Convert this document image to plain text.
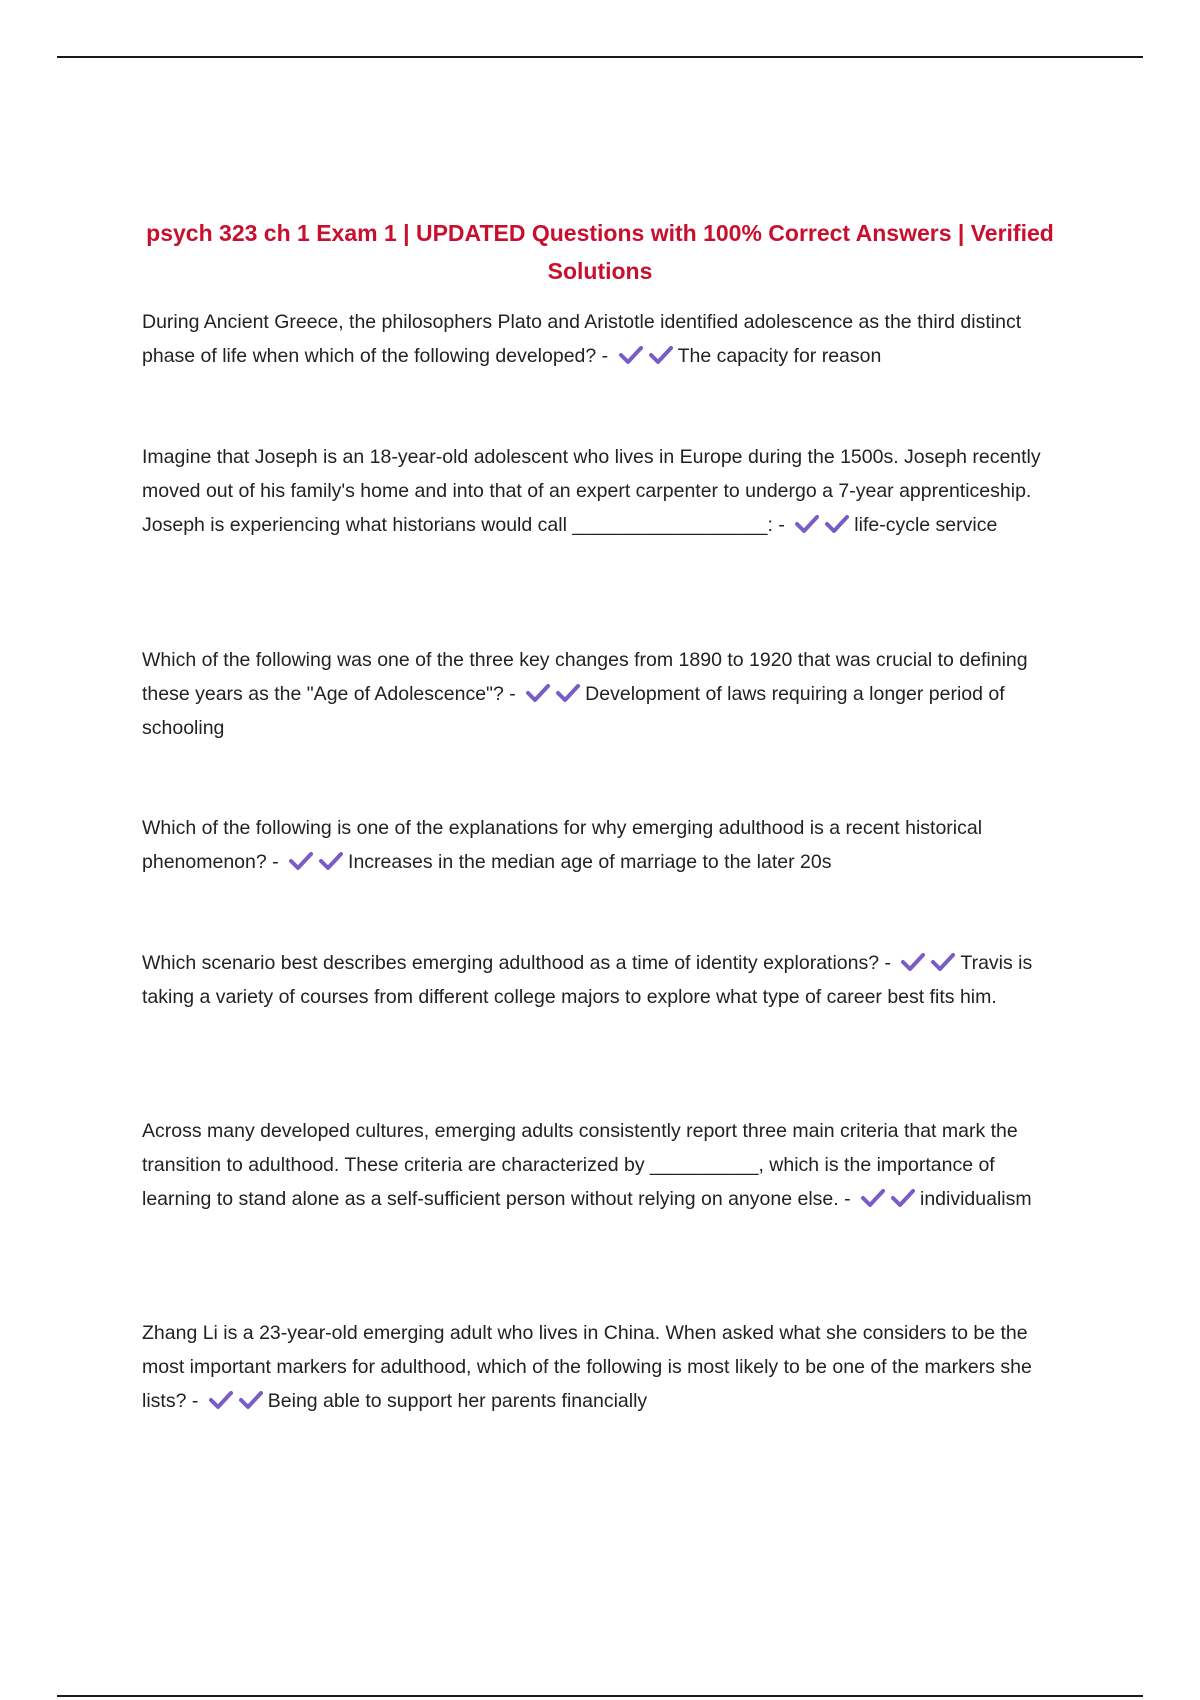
psych 323 ch 1 Exam 1 | UPDATED Questions with 100% Correct Answers | Verified Solutions

During Ancient Greece, the philosophers Plato and Aristotle identified adolescence as the third distinct phase of life when which of the following developed? -	The capacity for reason

Imagine that Joseph is an 18-year-old adolescent who lives in Europe during the 1500s. Joseph recently moved out of his family's home and into that of an expert carpenter to undergo a 7-year apprenticeship. Joseph is experiencing what historians would call __________________: -	life-cycle service

Which of the following was one of the three key changes from 1890 to 1920 that was crucial to defining these years as the "Age of Adolescence"? -	Development of laws requiring a longer period of schooling

Which of the following is one of the explanations for why emerging adulthood is a recent historical phenomenon? -	Increases in the median age of marriage to the later 20s

Which scenario best describes emerging adulthood as a time of identity explorations? -	Travis is taking a variety of courses from different college majors to explore what type of career best fits him.

Across many developed cultures, emerging adults consistently report three main criteria that mark the transition to adulthood. These criteria are characterized by __________, which is the importance of learning to stand alone as a self-sufficient person without relying on anyone else. -	individualism

Zhang Li is a 23-year-old emerging adult who lives in China. When asked what she considers to be the most important markers for adulthood, which of the following is most likely to be one of the markers she lists? -	Being able to support her parents financially
